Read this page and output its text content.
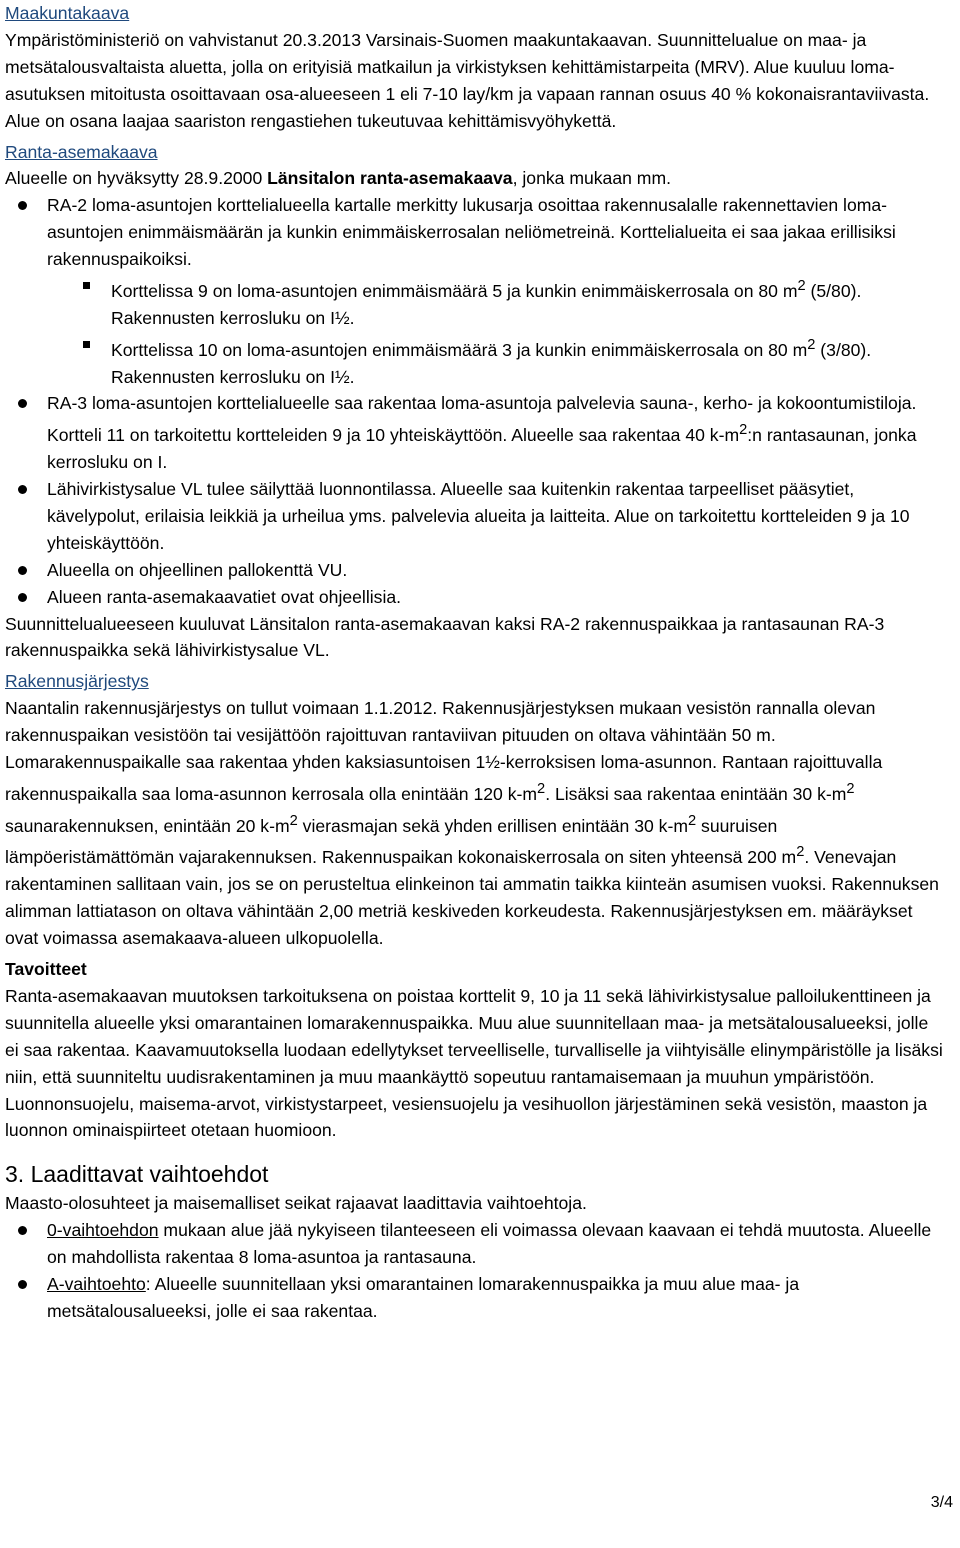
Maakuntakaava

Ympäristöministeriö on vahvistanut 20.3.2013 Varsinais-Suomen maakuntakaavan. Suunnittelualue on maa- ja metsätalousvaltaista aluetta, jolla on erityisiä matkailun ja virkistyksen kehittämistarpeita (MRV). Alue kuuluu loma-asutuksen mitoitusta osoittavaan osa-alueeseen 1 eli 7-10 lay/km ja vapaan rannan osuus 40 % kokonaisrantaviivasta. Alue on osana laajaa saariston rengastiehen tukeutuvaa kehittämisvyöhykettä.

Ranta-asemakaava

Alueelle on hyväksytty 28.9.2000 Länsitalon ranta-asemakaava, jonka mukaan mm.

RA-2 loma-asuntojen korttelialueella kartalle merkitty lukusarja osoittaa rakennusalalle rakennettavien loma-asuntojen enimmäismäärän ja kunkin enimmäiskerrosalan neliömetreinä. Korttelialueita ei saa jakaa erillisiksi rakennuspaikoiksi.
Korttelissa 9 on loma-asuntojen enimmäismäärä 5 ja kunkin enimmäiskerrosala on 80 $m^2$ (5/80). Rakennusten kerrosluku on I½.
Korttelissa 10 on loma-asuntojen enimmäismäärä 3 ja kunkin enimmäiskerrosala on 80 $m^2$ (3/80). Rakennusten kerrosluku on I½.
RA-3 loma-asuntojen korttelialueelle saa rakentaa loma-asuntoja palvelevia sauna-, kerho- ja kokoontumistiloja. Kortteli 11 on tarkoitettu kortteleiden 9 ja 10 yhteiskäyttöön. Alueelle saa rakentaa 40 $k-m^2:n$ rantasaunan, jonka kerrosluku on I.
Lähivirkistysalue VL tulee säilyttää luonnontilassa. Alueelle saa kuitenkin rakentaa tarpeelliset pääsytiet, kävelypolut, erilaisia leikkiä ja urheilua yms. palvelevia alueita ja laitteita. Alue on tarkoitettu kortteleiden 9 ja 10 yhteiskäyttöön.
Alueella on ohjeellinen pallokenttä VU.
Alueen ranta-asemakaavatiet ovat ohjeellisia.

Suunnittelualueeseen kuuluvat Länsitalon ranta-asemakaavan kaksi RA-2 rakennuspaikkaa ja rantasaunan RA-3 rakennuspaikka sekä lähivirkistysalue VL.

Rakennusjärjestys

Naantalin rakennusjärjestys on tullut voimaan 1.1.2012. Rakennusjärjestyksen mukaan vesistön rannalla olevan rakennuspaikan vesistöön tai vesijättöön rajoittuvan rantaviivan pituuden on oltava vähintään 50 m.

Lomarakennuspaikalle saa rakentaa yhden kaksiasuntoisen 1½-kerroksisen loma-asunnon. Rantaan rajoittuvalla rakennuspaikalla saa loma-asunnon kerrosala olla enintään 120 $k-m^2$. Lisäksi saa rakentaa enintään 30 $k-m^2$ saunarakennuksen, enintään 20 $k-m^2$ vierasmajan sekä yhden erillisen enintään 30 $k-m^2$ suuruisen lämpöeristämättömän vajarakennuksen. Rakennuspaikan kokonaiskerrosala on siten yhteensä 200 $m^2$. Venevajan rakentaminen sallitaan vain, jos se on perusteltua elinkeinon tai ammatin taikka kiinteän asumisen vuoksi. Rakennuksen alimman lattiatason on oltava vähintään 2,00 metriä keskiveden korkeudesta. Rakennusjärjestyksen em. määräykset ovat voimassa asemakaava-alueen ulkopuolella.

Tavoitteet

Ranta-asemakaavan muutoksen tarkoituksena on poistaa korttelit 9, 10 ja 11 sekä lähivirkistysalue palloilukenttineen ja suunnitella alueelle yksi omarantainen lomarakennuspaikka. Muu alue suunnitellaan maa- ja metsätalousalueeksi, jolle ei saa rakentaa. Kaavamuutoksella luodaan edellytykset terveelliselle, turvalliselle ja viihtyisälle elinympäristölle ja lisäksi niin, että suunniteltu uudisrakentaminen ja muu maankäyttö sopeutuu rantamaisemaan ja muuhun ympäristöön. Luonnonsuojelu, maisema-arvot, virkistystarpeet, vesiensuojelu ja vesihuollon järjestäminen sekä vesistön, maaston ja luonnon ominaispiirteet otetaan huomioon.

3. Laadittavat vaihtoehdot

Maasto-olosuhteet ja maisemalliset seikat rajaavat laadittavia vaihtoehtoja.

0-vaihtoehdon mukaan alue jää nykyiseen tilanteeseen eli voimassa olevaan kaavaan ei tehdä muutosta. Alueelle on mahdollista rakentaa 8 loma-asuntoa ja rantasauna.
A-vaihtoehto: Alueelle suunnitellaan yksi omarantainen lomarakennuspaikka ja muu alue maa- ja metsätalousalueeksi, jolle ei saa rakentaa.
3/4
